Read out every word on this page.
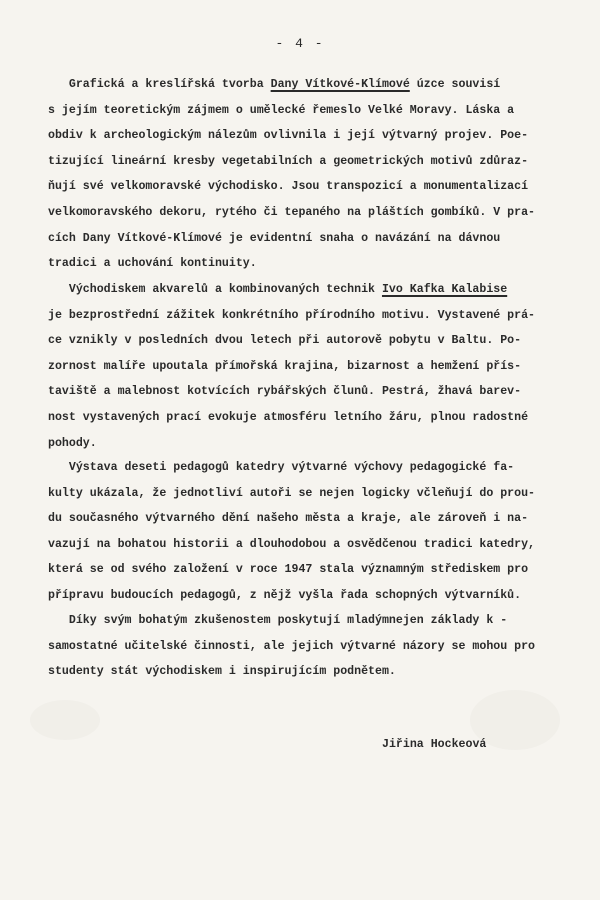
- 4 -
Grafická a kreslířská tvorba Dany Vítkové-Klímové úzce souvisí
s jejím teoretickým zájmem o umělecké řemeslo Velké Moravy. Láska a
obdiv k archeologickým nálezům ovlivnila i její výtvarný projev. Poe-
tizující lineární kresby vegetabilních a geometrických motivů zdůraz-
ňují své velkomoravské východisko. Jsou transpozicí a monumentalizací
velkomoravského dekoru, rytého či tepaného na pláštích gombíků. V pra-
cích Dany Vítkové-Klímové je evidentní snaha o navázání na dávnou
tradici a uchování kontinuity.
Východiskem akvarelů a kombinovaných technik Ivo Kafka Kalabise
je bezprostřední zážitek konkrétního přírodního motivu. Vystavené prá-
ce vznikly v posledních dvou letech při autorově pobytu v Baltu. Po-
zornost malíře upoutala přímořská krajina, bizarnost a hemžení přís-
taviště a malebnost kotvících rybářských člunů. Pestrá, žhavá barev-
nost vystavených prací evokuje atmosféru letního žáru, plnou radostné
pohody.
Výstava deseti pedagogů katedry výtvarné výchovy pedagogické fa-
kulty ukázala, že jednotliví autoři se nejen logicky včleňují do prou-
du současného výtvarného dění našeho města a kraje, ale zároveň i na-
vazují na bohatou historii a dlouhodobou a osvědčenou tradici katedry,
která se od svého založení v roce 1947 stala významným střediskem pro
přípravu budoucích pedagogů, z nějž vyšla řada schopných výtvarníků.
Díky svým bohatým zkušenostem poskytují mladýmnejen základy k -
samostatné učitelské činnosti, ale jejich výtvarné názory se mohou pro
studenty stát východiskem i inspirujícím podnětem.
Jiřina Hockeová
